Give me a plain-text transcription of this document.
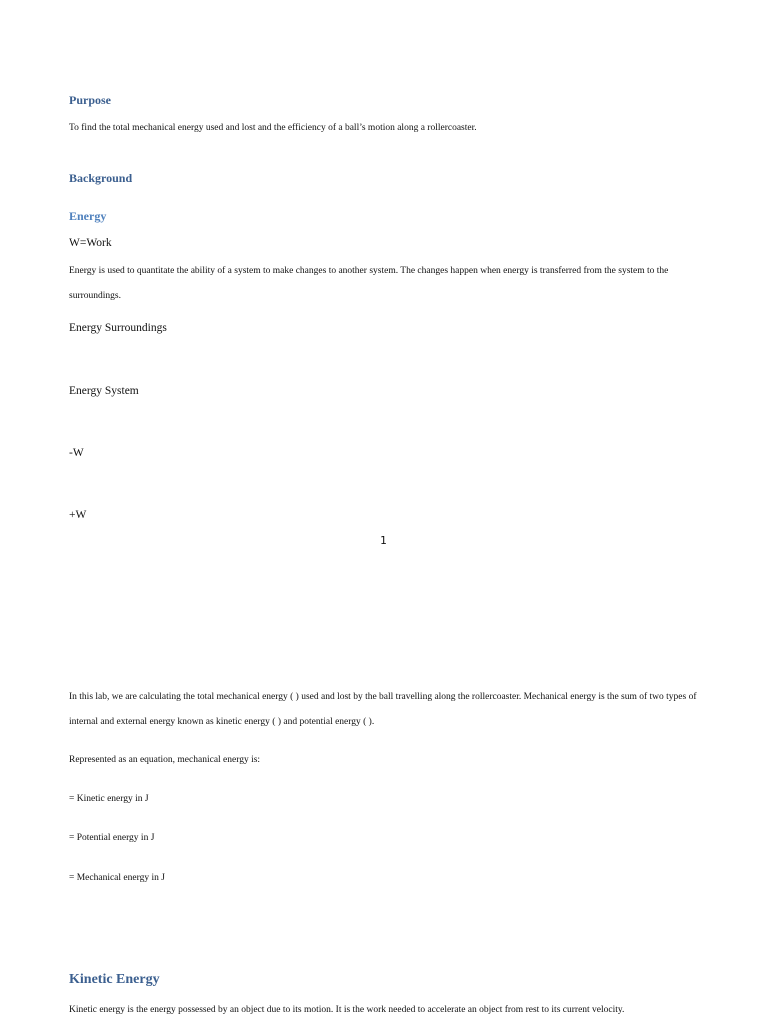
Purpose

To find the total mechanical energy used and lost and the efficiency of a ball’s motion along a rollercoaster.

Background
Energy

W=Work

Energy is used to quantitate the ability of a system to make changes to another system. The changes happen when energy is transferred from the system to the surroundings.

Energy Surroundings

Energy System

-W

+W

1

In this lab, we are calculating the total mechanical energy ( ) used and lost by the ball travelling along the rollercoaster. Mechanical energy is the sum of two types of internal and external energy known as kinetic energy ( ) and potential energy ( ).

Represented as an equation, mechanical energy is:

= Kinetic energy in J

= Potential energy in J

= Mechanical energy in J

Kinetic Energy

Kinetic energy is the energy possessed by an object due to its motion. It is the work needed to accelerate an object from rest to its current velocity.
